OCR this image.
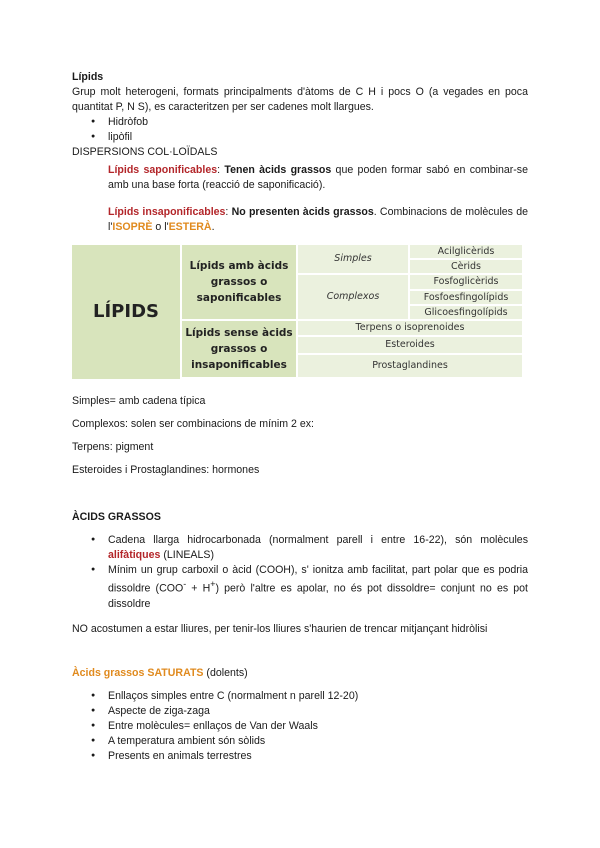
Lípids

Grup molt heterogeni, formats principalments d'àtoms de C H i pocs O (a vegades en poca quantitat P, N S), es caracteritzen per ser cadenes molt llargues.

● Hidròfob
● lipòfil

DISPERSIONS COL·LOÏDALS

Lípids saponificables: Tenen àcids grassos que poden formar sabó en combinar-se amb una base forta (reacció de saponificació).

Lípids insaponificables: No presenten àcids grassos. Combinacions de molècules de l'ISOPRÈ o l'ESTERÀ.

LÍPIDS
Lípids amb àcids grassos o saponificables
Lípids sense àcids grassos o insaponificables
Simples
Complexos
Acilglicèrids
Cèrids
Fosfoglicèrids
Fosfoesfingolípids
Glicoesfingolípids
Terpens o isoprenoides
Esteroides
Prostaglandines

Simples= amb cadena típica

Complexos: solen ser combinacions de mínim 2 ex:

Terpens: pigment

Esteroides i Prostaglandines: hormones

ÀCIDS GRASSOS

● Cadena llarga hidrocarbonada (normalment parell i entre 16-22), són molècules alifàtiques (LINEALS)
● Mínim un grup carboxil o àcid (COOH), s' ionitza amb facilitat, part polar que es podria dissoldre (COO- + H+) però l'altre es apolar, no és pot dissoldre= conjunt no es pot dissoldre

NO acostumen a estar lliures, per tenir-los lliures s'haurien de trencar mitjançant hidròlisi

Àcids grassos SATURATS (dolents)

● Enllaços simples entre C (normalment n parell 12-20)
● Aspecte de ziga-zaga
● Entre molècules= enllaços de Van der Waals
● A temperatura ambient són sòlids
● Presents en animals terrestres
